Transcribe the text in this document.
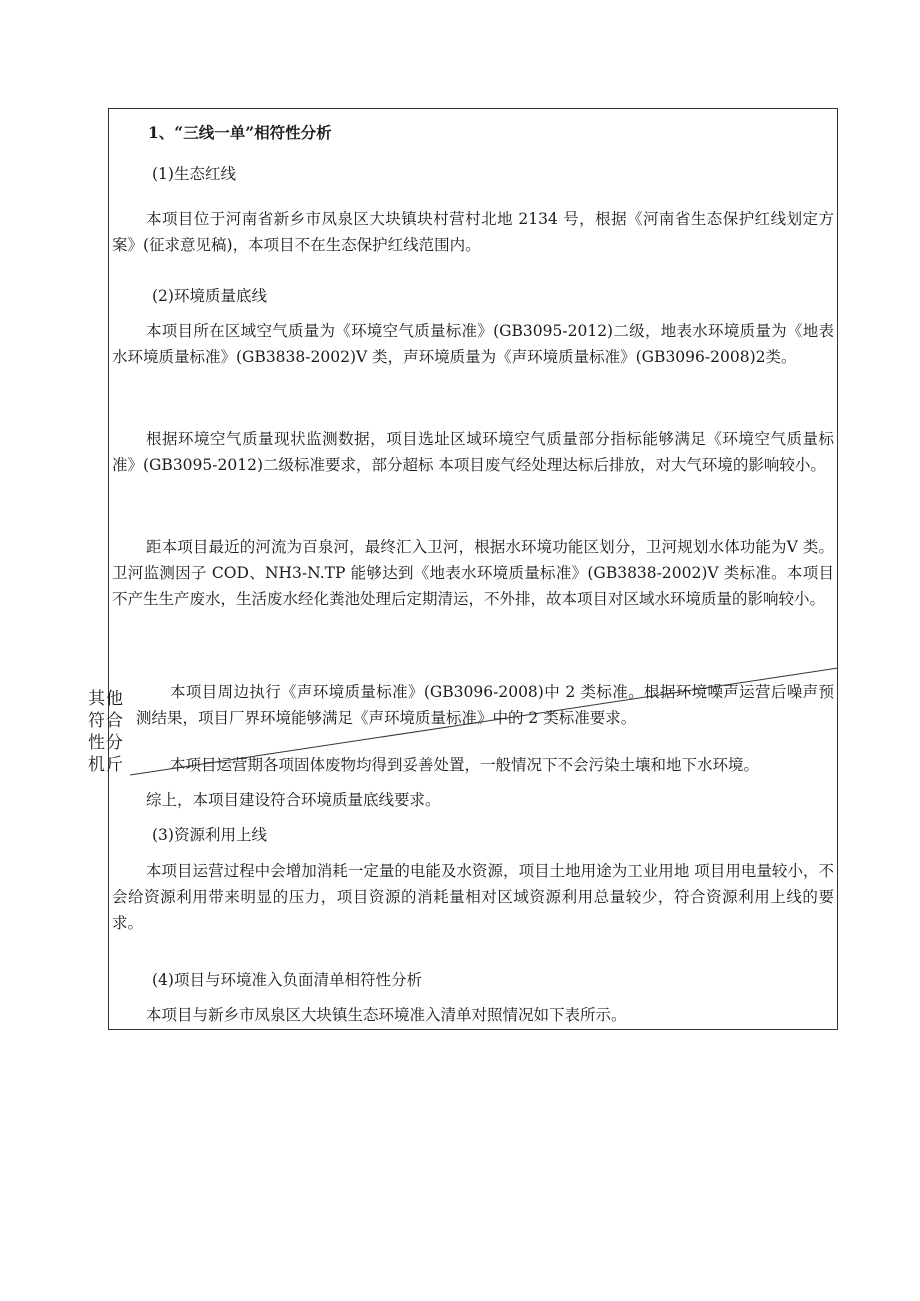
其他
符合
性分
机斤

1、“三线一单”相符性分析

(1)生态红线

本项目位于河南省新乡市凤泉区大块镇块村营村北地 2134 号，根据《河南省生态保护红线划定方案》(征求意见稿)，本项目不在生态保护红线范围内。

(2)环境质量底线

本项目所在区域空气质量为《环境空气质量标准》(GB3095-2012)二级，地表水环境质量为《地表水环境质量标准》(GB3838-2002)V 类，声环境质量为《声环境质量标准》(GB3096-2008)2类。

根据环境空气质量现状监测数据，项目选址区域环境空气质量部分指标能够满足《环境空气质量标准》(GB3095-2012)二级标准要求，部分超标 本项目废气经处理达标后排放，对大气环境的影响较小。

距本项目最近的河流为百泉河，最终汇入卫河，根据水环境功能区划分，卫河规划水体功能为V 类。卫河监测因子 COD、NH3-N.TP 能够达到《地表水环境质量标准》(GB3838-2002)V 类标准。本项目不产生生产废水，生活废水经化粪池处理后定期清运，不外排，故本项目对区域水环境质量的影响较小。

本项目周边执行《声环境质量标准》(GB3096-2008)中 2 类标准。根据环境噪声运营后噪声预测结果，项目厂界环境能够满足《声环境质量标准》中的 2 类标准要求。

本项目运营期各项固体废物均得到妥善处置，一般情况下不会污染土壤和地下水环境。

综上，本项目建设符合环境质量底线要求。

(3)资源利用上线

本项目运营过程中会增加消耗一定量的电能及水资源，项目土地用途为工业用地 项目用电量较小，不会给资源利用带来明显的压力，项目资源的消耗量相对区域资源利用总量较少，符合资源利用上线的要求。

(4)项目与环境准入负面清单相符性分析

本项目与新乡市凤泉区大块镇生态环境准入清单对照情况如下表所示。
